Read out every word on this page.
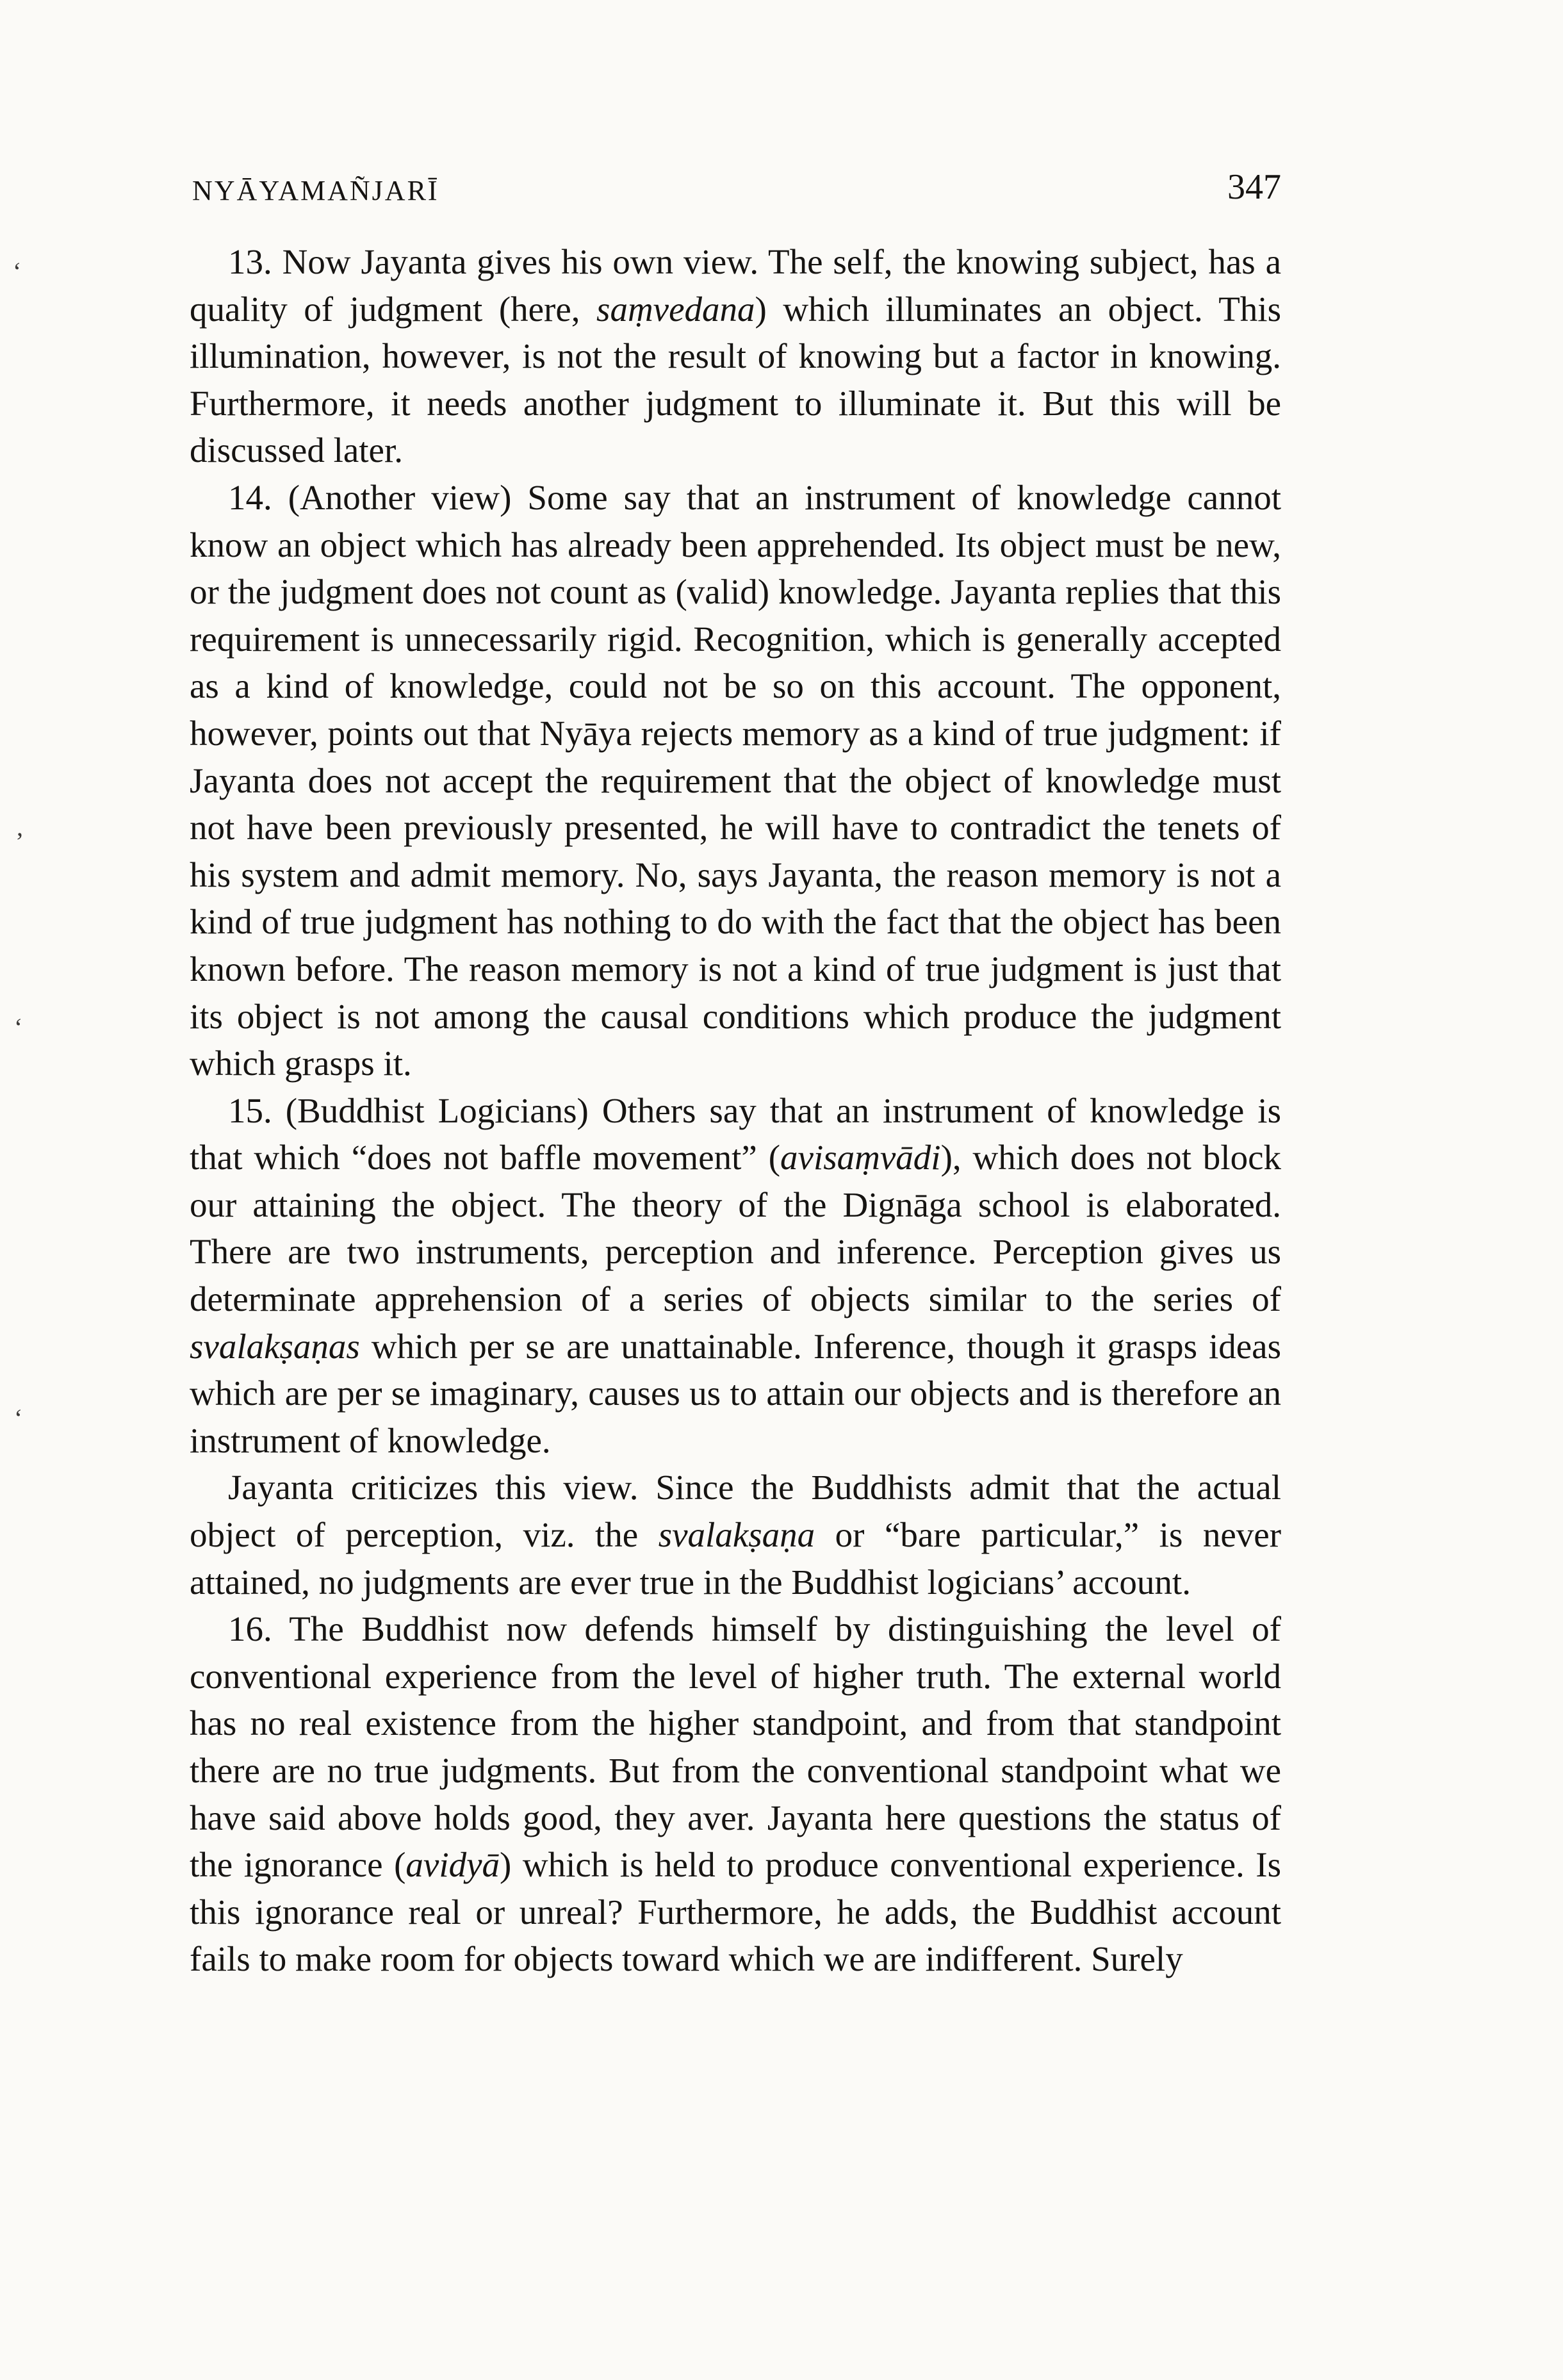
NYĀYAMAÑJARĪ	347

13. Now Jayanta gives his own view. The self, the knowing subject, has a quality of judgment (here, saṃvedana) which illuminates an object. This illumination, however, is not the result of knowing but a factor in knowing. Furthermore, it needs another judgment to illuminate it. But this will be discussed later.

14. (Another view) Some say that an instrument of knowledge cannot know an object which has already been apprehended. Its object must be new, or the judgment does not count as (valid) knowledge. Jayanta replies that this requirement is unnecessarily rigid. Recognition, which is generally accepted as a kind of knowledge, could not be so on this account. The opponent, however, points out that Nyāya rejects memory as a kind of true judgment: if Jayanta does not accept the requirement that the object of knowledge must not have been previously presented, he will have to contradict the tenets of his system and admit memory. No, says Jayanta, the reason memory is not a kind of true judgment has nothing to do with the fact that the object has been known before. The reason memory is not a kind of true judgment is just that its object is not among the causal conditions which produce the judgment which grasps it.

15. (Buddhist Logicians) Others say that an instrument of knowledge is that which “does not baffle movement” (avisaṃvādi), which does not block our attaining the object. The theory of the Dignāga school is elaborated. There are two instruments, perception and inference. Perception gives us determinate apprehension of a series of objects similar to the series of svalakṣaṇas which per se are unattainable. Inference, though it grasps ideas which are per se imaginary, causes us to attain our objects and is therefore an instrument of knowledge.

Jayanta criticizes this view. Since the Buddhists admit that the actual object of perception, viz. the svalakṣaṇa or “bare particular,” is never attained, no judgments are ever true in the Buddhist logicians’ account.

16. The Buddhist now defends himself by distinguishing the level of conventional experience from the level of higher truth. The external world has no real existence from the higher standpoint, and from that standpoint there are no true judgments. But from the conventional standpoint what we have said above holds good, they aver. Jayanta here questions the status of the ignorance (avidyā) which is held to produce conventional experience. Is this ignorance real or unreal? Furthermore, he adds, the Buddhist account fails to make room for objects toward which we are indifferent. Surely

‘
’
‘
‘
